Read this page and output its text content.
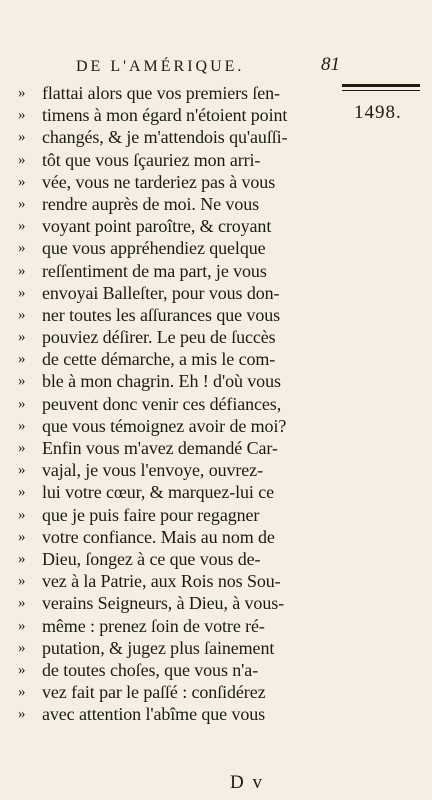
DE L'AMÉRIQUE.	81
1498.
» flattai alors que vos premiers ſen-
» timens à mon égard n'étoient point
» changés, & je m'attendois qu'auſſi-
» tôt que vous ſçauriez mon arri-
» vée, vous ne tarderiez pas à vous
» rendre auprès de moi. Ne vous
» voyant point paroître, & croyant
» que vous appréhendiez quelque
» reſſentiment de ma part, je vous
» envoyai Balleſter, pour vous don-
» ner toutes les aſſurances que vous
» pouviez déſirer. Le peu de ſuccès
» de cette démarche, a mis le com-
» ble à mon chagrin. Eh ! d'où vous
» peuvent donc venir ces défiances,
» que vous témoignez avoir de moi?
» Enfin vous m'avez demandé Car-
» vajal, je vous l'envoye, ouvrez-
» lui votre cœur, & marquez-lui ce
» que je puis faire pour regagner
» votre confiance. Mais au nom de
» Dieu, ſongez à ce que vous de-
» vez à la Patrie, aux Rois nos Sou-
» verains Seigneurs, à Dieu, à vous-
» même : prenez ſoin de votre ré-
» putation, & jugez plus ſainement
» de toutes choſes, que vous n'a-
» vez fait par le paſſé : conſidérez
» avec attention l'abîme que vous
D v
